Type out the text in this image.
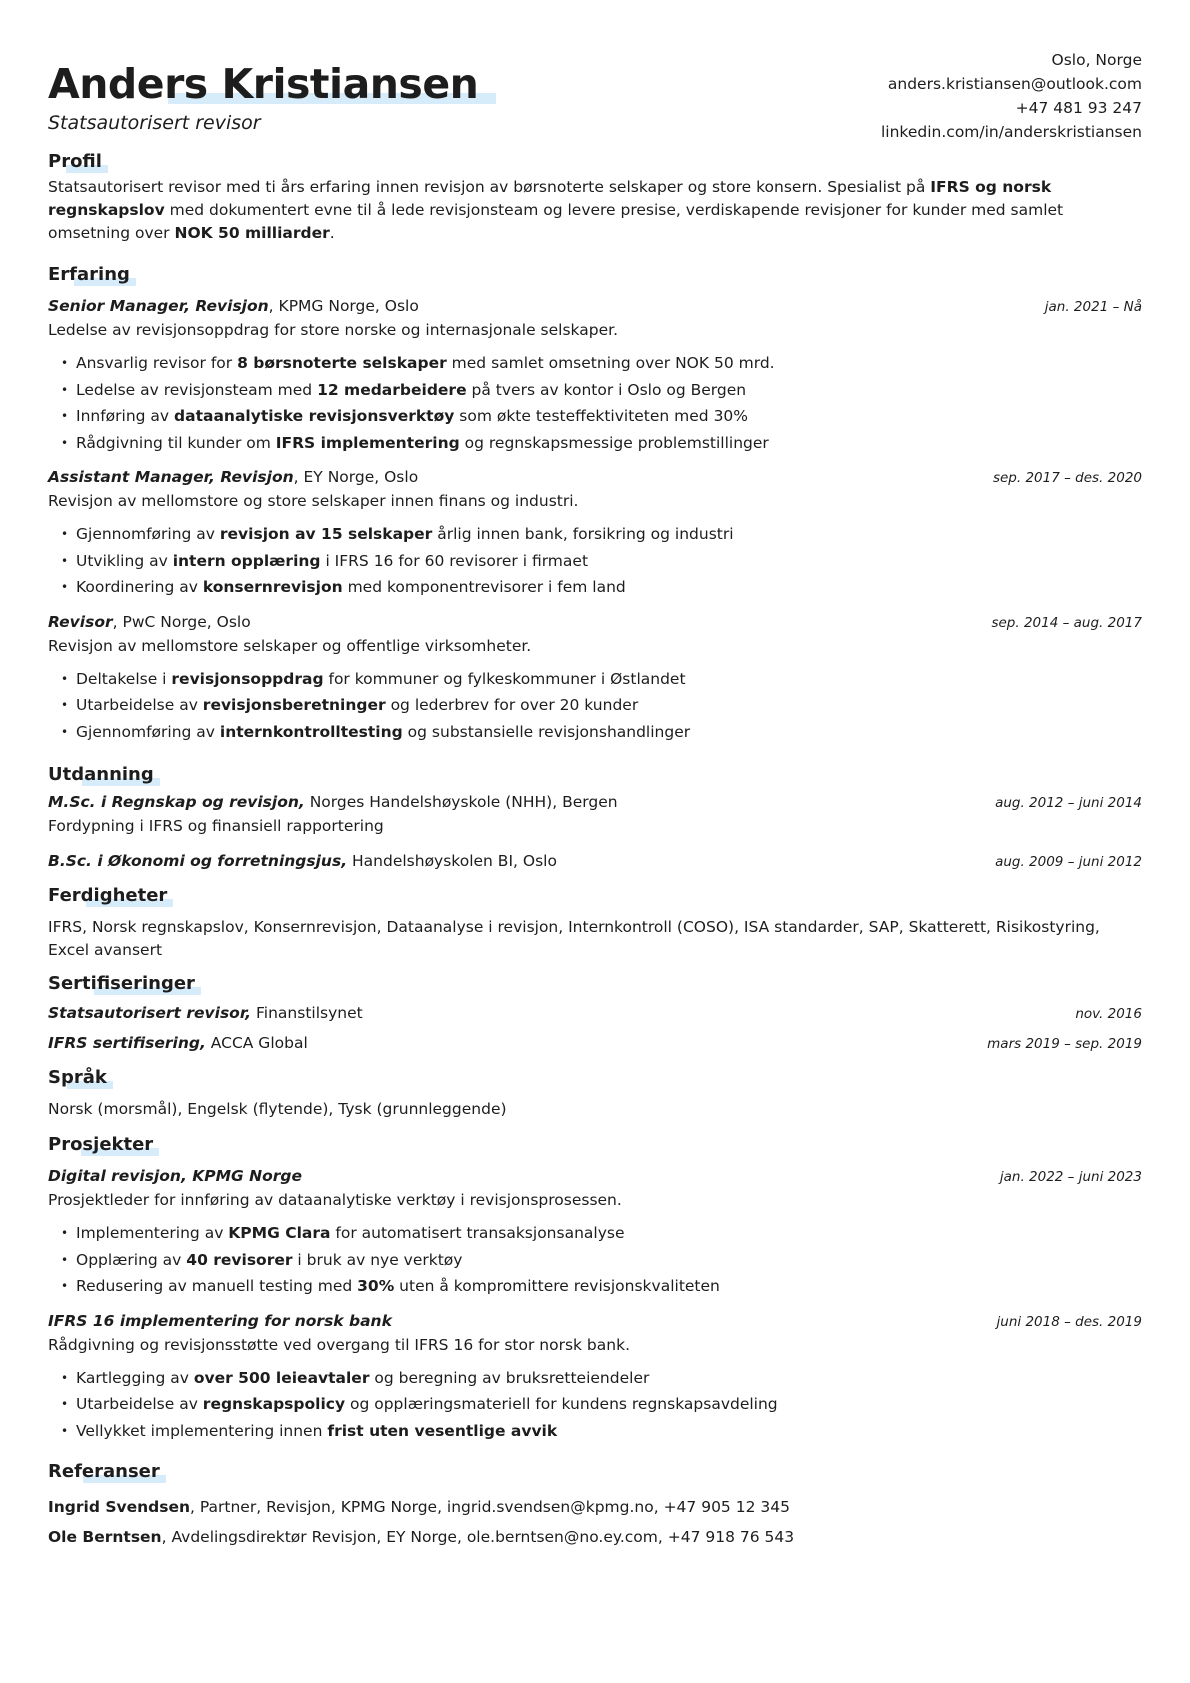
Anders Kristiansen
Statsautorisert revisor
Oslo, Norge
anders.kristiansen@outlook.com
+47 481 93 247
linkedin.com/in/anderskristiansen
Profil

Statsautorisert revisor med ti års erfaring innen revisjon av børsnoterte selskaper og store konsern. Spesialist på IFRS og norsk regnskapslov med dokumentert evne til å lede revisjonsteam og levere presise, verdiskapende revisjoner for kunder med samlet omsetning over NOK 50 milliarder.

Erfaring
Senior Manager, Revisjon, KPMG Norge, Oslo	jan. 2021 – Nå
Ledelse av revisjonsoppdrag for store norske og internasjonale selskaper.
• Ansvarlig revisor for 8 børsnoterte selskaper med samlet omsetning over NOK 50 mrd.
• Ledelse av revisjonsteam med 12 medarbeidere på tvers av kontor i Oslo og Bergen
• Innføring av dataanalytiske revisjonsverktøy som økte testeffektiviteten med 30%
• Rådgivning til kunder om IFRS implementering og regnskapsmessige problemstillinger
Assistant Manager, Revisjon, EY Norge, Oslo	sep. 2017 – des. 2020
Revisjon av mellomstore og store selskaper innen finans og industri.
• Gjennomføring av revisjon av 15 selskaper årlig innen bank, forsikring og industri
• Utvikling av intern opplæring i IFRS 16 for 60 revisorer i firmaet
• Koordinering av konsernrevisjon med komponentrevisorer i fem land
Revisor, PwC Norge, Oslo	sep. 2014 – aug. 2017
Revisjon av mellomstore selskaper og offentlige virksomheter.
• Deltakelse i revisjonsoppdrag for kommuner og fylkeskommuner i Østlandet
• Utarbeidelse av revisjonsberetninger og lederbrev for over 20 kunder
• Gjennomføring av internkontrolltesting og substansielle revisjonshandlinger
Utdanning
M.Sc. i Regnskap og revisjon, Norges Handelshøyskole (NHH), Bergen	aug. 2012 – juni 2014
Fordypning i IFRS og finansiell rapportering
B.Sc. i Økonomi og forretningsjus, Handelshøyskolen BI, Oslo	aug. 2009 – juni 2012
Ferdigheter

IFRS, Norsk regnskapslov, Konsernrevisjon, Dataanalyse i revisjon, Internkontroll (COSO), ISA standarder, SAP, Skatterett, Risikostyring, Excel avansert

Sertifiseringer
Statsautorisert revisor, Finanstilsynet	nov. 2016
IFRS sertifisering, ACCA Global	mars 2019 – sep. 2019
Språk

Norsk (morsmål), Engelsk (flytende), Tysk (grunnleggende)

Prosjekter
Digital revisjon, KPMG Norge	jan. 2022 – juni 2023
Prosjektleder for innføring av dataanalytiske verktøy i revisjonsprosessen.
• Implementering av KPMG Clara for automatisert transaksjonsanalyse
• Opplæring av 40 revisorer i bruk av nye verktøy
• Redusering av manuell testing med 30% uten å kompromittere revisjonskvaliteten
IFRS 16 implementering for norsk bank	juni 2018 – des. 2019
Rådgivning og revisjonsstøtte ved overgang til IFRS 16 for stor norsk bank.
• Kartlegging av over 500 leieavtaler og beregning av bruksretteiendeler
• Utarbeidelse av regnskapspolicy og opplæringsmateriell for kundens regnskapsavdeling
• Vellykket implementering innen frist uten vesentlige avvik
Referanser

Ingrid Svendsen, Partner, Revisjon, KPMG Norge, ingrid.svendsen@kpmg.no, +47 905 12 345

Ole Berntsen, Avdelingsdirektør Revisjon, EY Norge, ole.berntsen@no.ey.com, +47 918 76 543
